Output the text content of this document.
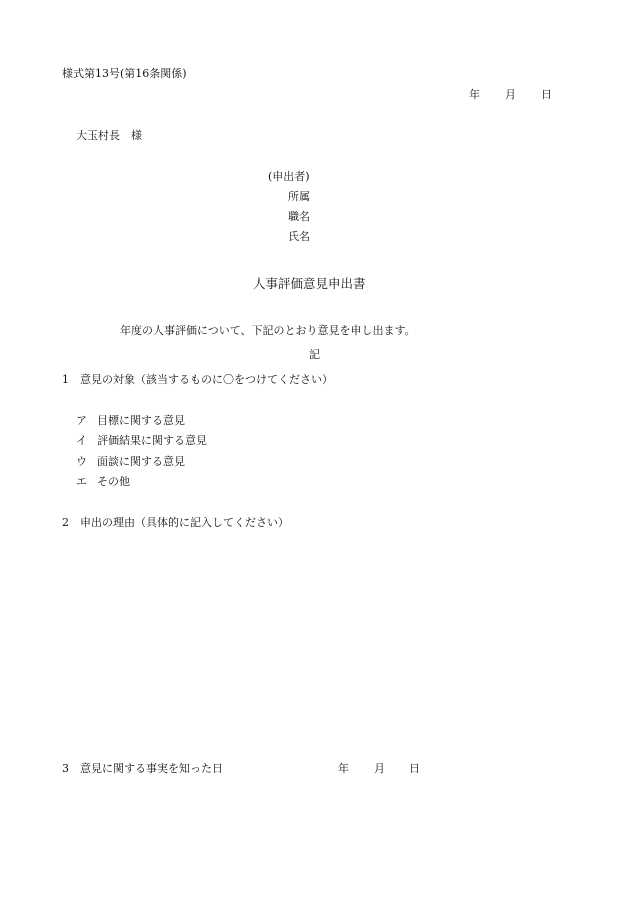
様式第13号(第16条関係)
年 月 日
大玉村長　様
(申出者)
所属
職名
氏名
人事評価意見申出書
年度の人事評価について、下記のとおり意見を申し出ます。
記
1　意見の対象（該当するものに〇をつけてください）
ア 目標に関する意見
イ 評価結果に関する意見
ウ 面談に関する意見
エ その他
2　申出の理由（具体的に記入してください）
3　意見に関する事実を知った日	年 月 日
